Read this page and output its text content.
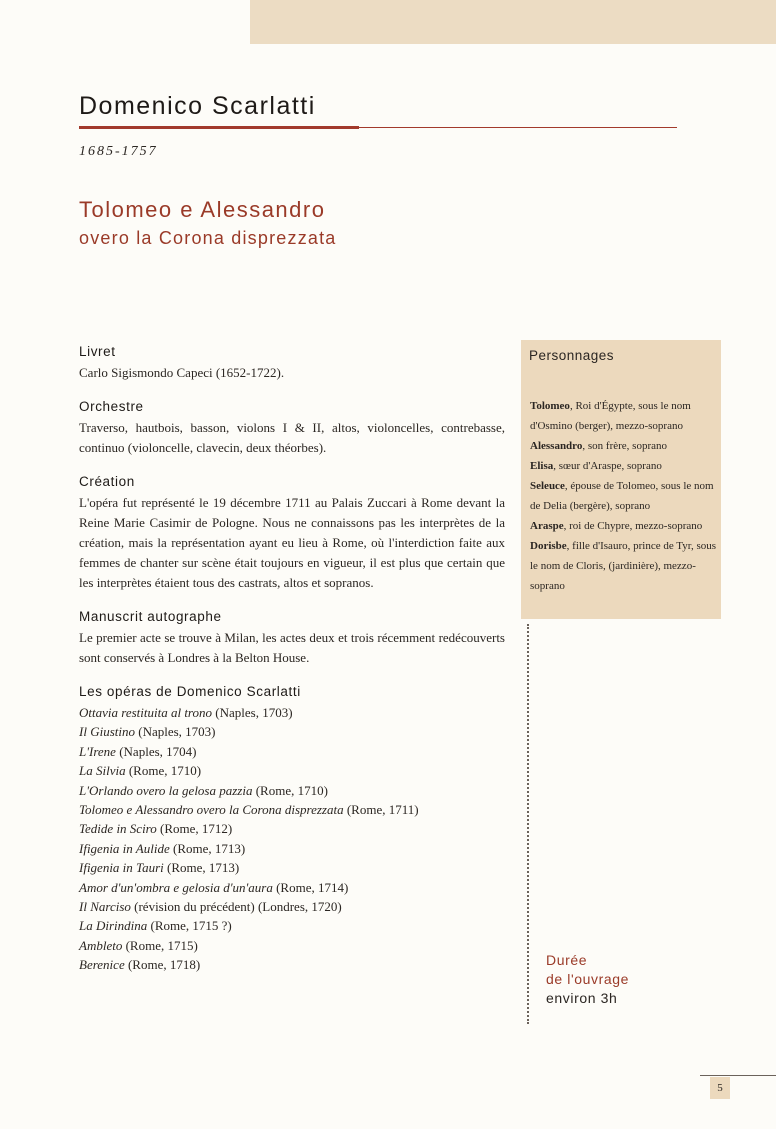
Domenico Scarlatti
1685-1757
Tolomeo e Alessandro
overo la Corona disprezzata
Livret

Carlo Sigismondo Capeci (1652-1722).

Orchestre

Traverso, hautbois, basson, violons I & II, altos, violoncelles, contrebasse, continuo (violoncelle, clavecin, deux théorbes).

Création

L'opéra fut représenté le 19 décembre 1711 au Palais Zuccari à Rome devant la Reine Marie Casimir de Pologne. Nous ne connaissons pas les interprètes de la création, mais la représentation ayant eu lieu à Rome, où l'interdiction faite aux femmes de chanter sur scène était toujours en vigueur, il est plus que certain que les interprètes étaient tous des castrats, altos et sopranos.

Manuscrit autographe

Le premier acte se trouve à Milan, les actes deux et trois récemment redécouverts sont conservés à Londres à la Belton House.

Les opéras de Domenico Scarlatti
Ottavia restituita al trono (Naples, 1703)
Il Giustino (Naples, 1703)
L'Irene (Naples, 1704)
La Silvia (Rome, 1710)
L'Orlando overo la gelosa pazzia (Rome, 1710)
Tolomeo e Alessandro overo la Corona disprezzata (Rome, 1711)
Tedide in Sciro (Rome, 1712)
Ifigenia in Aulide (Rome, 1713)
Ifigenia in Tauri (Rome, 1713)
Amor d'un'ombra e gelosia d'un'aura (Rome, 1714)
Il Narciso (révision du précédent) (Londres, 1720)
La Dirindina (Rome, 1715 ?)
Ambleto (Rome, 1715)
Berenice (Rome, 1718)
Personnages
Tolomeo, Roi d'Égypte, sous le nom d'Osmino (berger), mezzo-soprano
Alessandro, son frère, soprano
Elisa, sœur d'Araspe, soprano
Seleuce, épouse de Tolomeo, sous le nom de Delia (bergère), soprano
Araspe, roi de Chypre, mezzo-soprano
Dorisbe, fille d'Isauro, prince de Tyr, sous le nom de Cloris, (jardinière), mezzo-soprano
Durée
de l'ouvrage
environ 3h
5
